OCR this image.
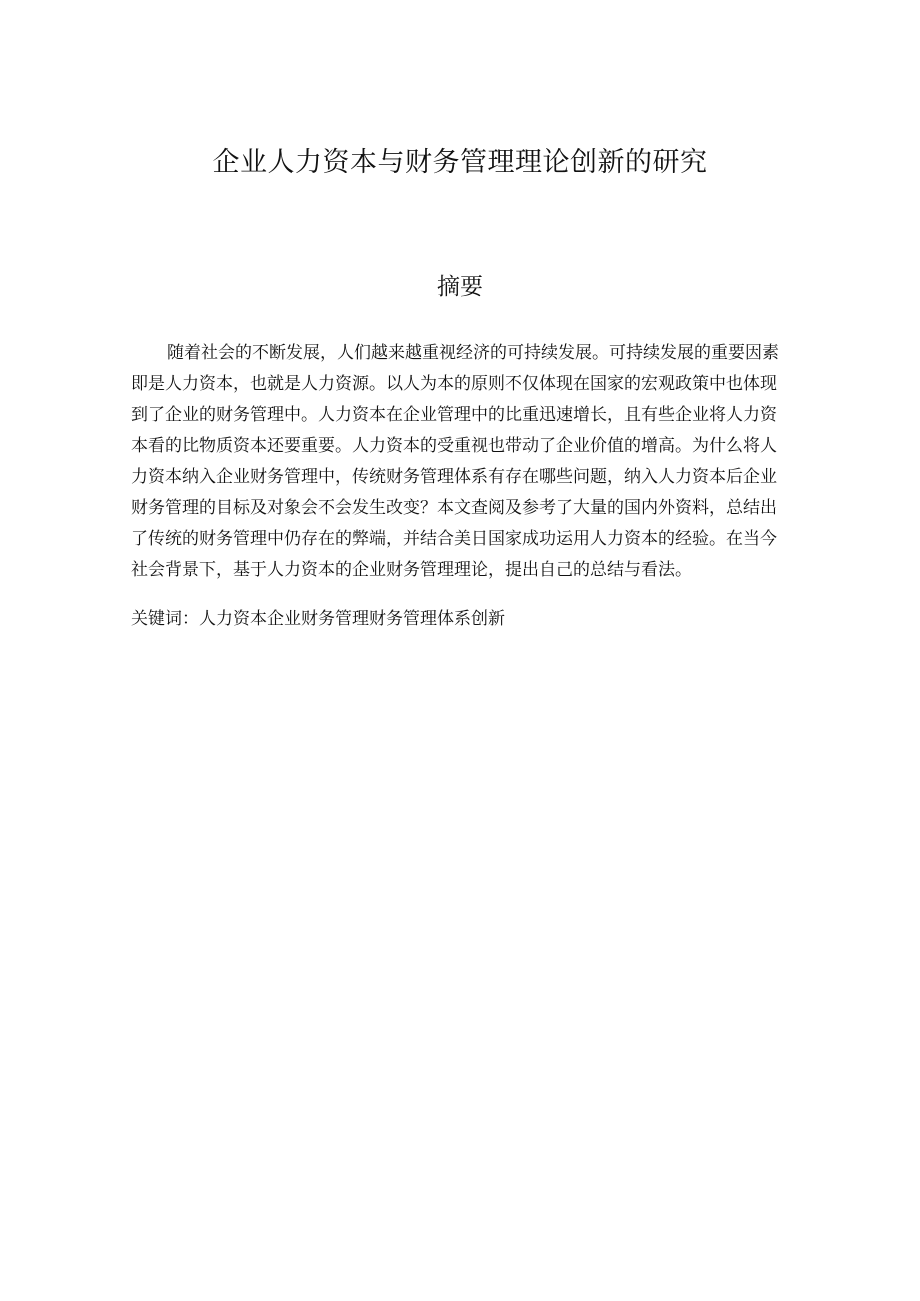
企业人力资本与财务管理理论创新的研究
摘要
随着社会的不断发展，人们越来越重视经济的可持续发展。可持续发展的重要因素
即是人力资本，也就是人力资源。以人为本的原则不仅体现在国家的宏观政策中也体现
到了企业的财务管理中。人力资本在企业管理中的比重迅速增长，且有些企业将人力资
本看的比物质资本还要重要。人力资本的受重视也带动了企业价值的增高。为什么将人
力资本纳入企业财务管理中，传统财务管理体系有存在哪些问题，纳入人力资本后企业
财务管理的目标及对象会不会发生改变？本文查阅及参考了大量的国内外资料，总结出
了传统的财务管理中仍存在的弊端，并结合美日国家成功运用人力资本的经验。在当今
社会背景下，基于人力资本的企业财务管理理论，提出自己的总结与看法。

关键词：人力资本企业财务管理财务管理体系创新
